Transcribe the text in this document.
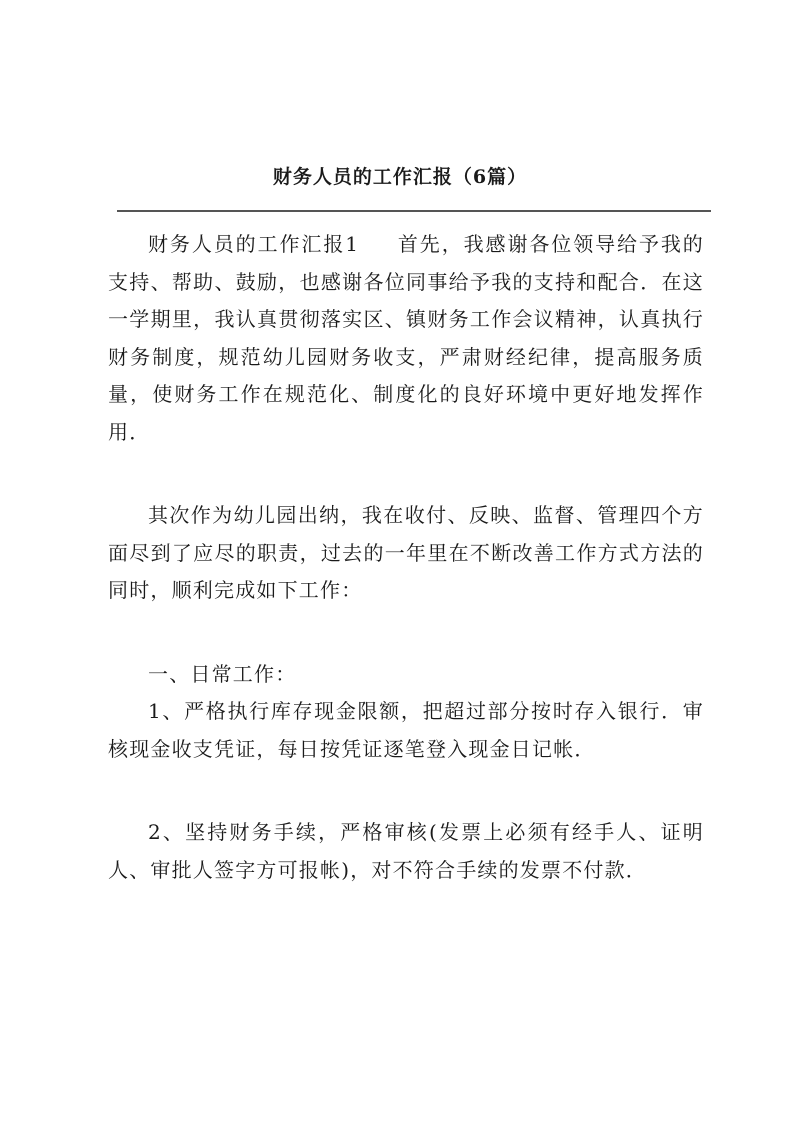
财务人员的工作汇报（6篇）

财务人员的工作汇报1 首先，我感谢各位领导给予我的支持、帮助、鼓励，也感谢各位同事给予我的支持和配合．在这一学期里，我认真贯彻落实区、镇财务工作会议精神，认真执行财务制度，规范幼儿园财务收支，严肃财经纪律，提高服务质量，使财务工作在规范化、制度化的良好环境中更好地发挥作用．

其次作为幼儿园出纳，我在收付、反映、监督、管理四个方面尽到了应尽的职责，过去的一年里在不断改善工作方式方法的同时，顺利完成如下工作：

一、日常工作：

1、严格执行库存现金限额，把超过部分按时存入银行．审核现金收支凭证，每日按凭证逐笔登入现金日记帐．

2、坚持财务手续，严格审核(发票上必须有经手人、证明人、审批人签字方可报帐)，对不符合手续的发票不付款．
